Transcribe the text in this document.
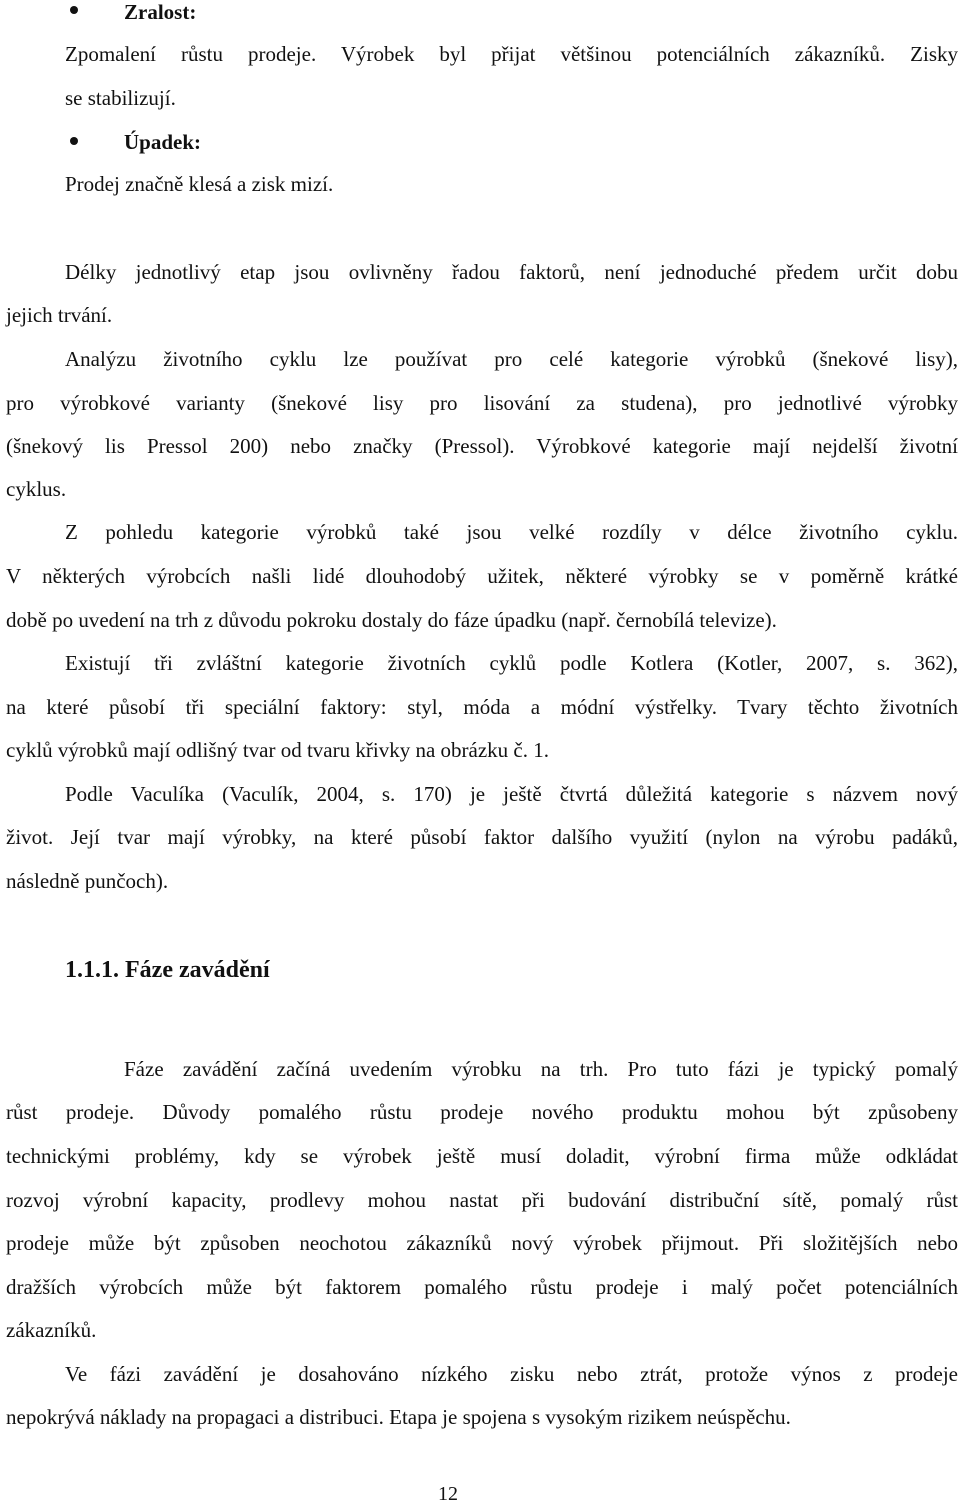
Zralost:
Zpomalení růstu prodeje. Výrobek byl přijat většinou potenciálních zákazníků. Zisky
se stabilizují.
Úpadek:
Prodej značně klesá a zisk mizí.
Délky jednotlivý etap jsou ovlivněny řadou faktorů, není jednoduché předem určit dobu
jejich trvání.
Analýzu životního cyklu lze používat pro celé kategorie výrobků (šnekové lisy),
pro výrobkové varianty (šnekové lisy pro lisování za studena), pro jednotlivé výrobky
(šnekový lis Pressol 200) nebo značky (Pressol). Výrobkové kategorie mají nejdelší životní
cyklus.
Z pohledu kategorie výrobků také jsou velké rozdíly v délce životního cyklu.
V některých výrobcích našli lidé dlouhodobý užitek, některé výrobky se v poměrně krátké
době po uvedení na trh z důvodu pokroku dostaly do fáze úpadku (např. černobílá televize).
Existují tři zvláštní kategorie životních cyklů podle Kotlera (Kotler, 2007, s. 362),
na které působí tři speciální faktory: styl, móda a módní výstřelky. Tvary těchto životních
cyklů výrobků mají odlišný tvar od tvaru křivky na obrázku č. 1.
Podle Vaculíka (Vaculík, 2004, s. 170) je ještě čtvrtá důležitá kategorie s názvem nový
život. Její tvar mají výrobky, na které působí faktor dalšího využití (nylon na výrobu padáků,
následně punčoch).
1.1.1. Fáze zavádění
Fáze zavádění začíná uvedením výrobku na trh. Pro tuto fázi je typický pomalý
růst prodeje. Důvody pomalého růstu prodeje nového produktu mohou být způsobeny
technickými problémy, kdy se výrobek ještě musí doladit, výrobní firma může odkládat
rozvoj výrobní kapacity, prodlevy mohou nastat při budování distribuční sítě, pomalý růst
prodeje může být způsoben neochotou zákazníků nový výrobek přijmout. Při složitějších nebo
dražších výrobcích může být faktorem pomalého růstu prodeje i malý počet potenciálních
zákazníků.
Ve fázi zavádění je dosahováno nízkého zisku nebo ztrát, protože výnos z prodeje
nepokrývá náklady na propagaci a distribuci. Etapa je spojena s vysokým rizikem neúspěchu.
12
